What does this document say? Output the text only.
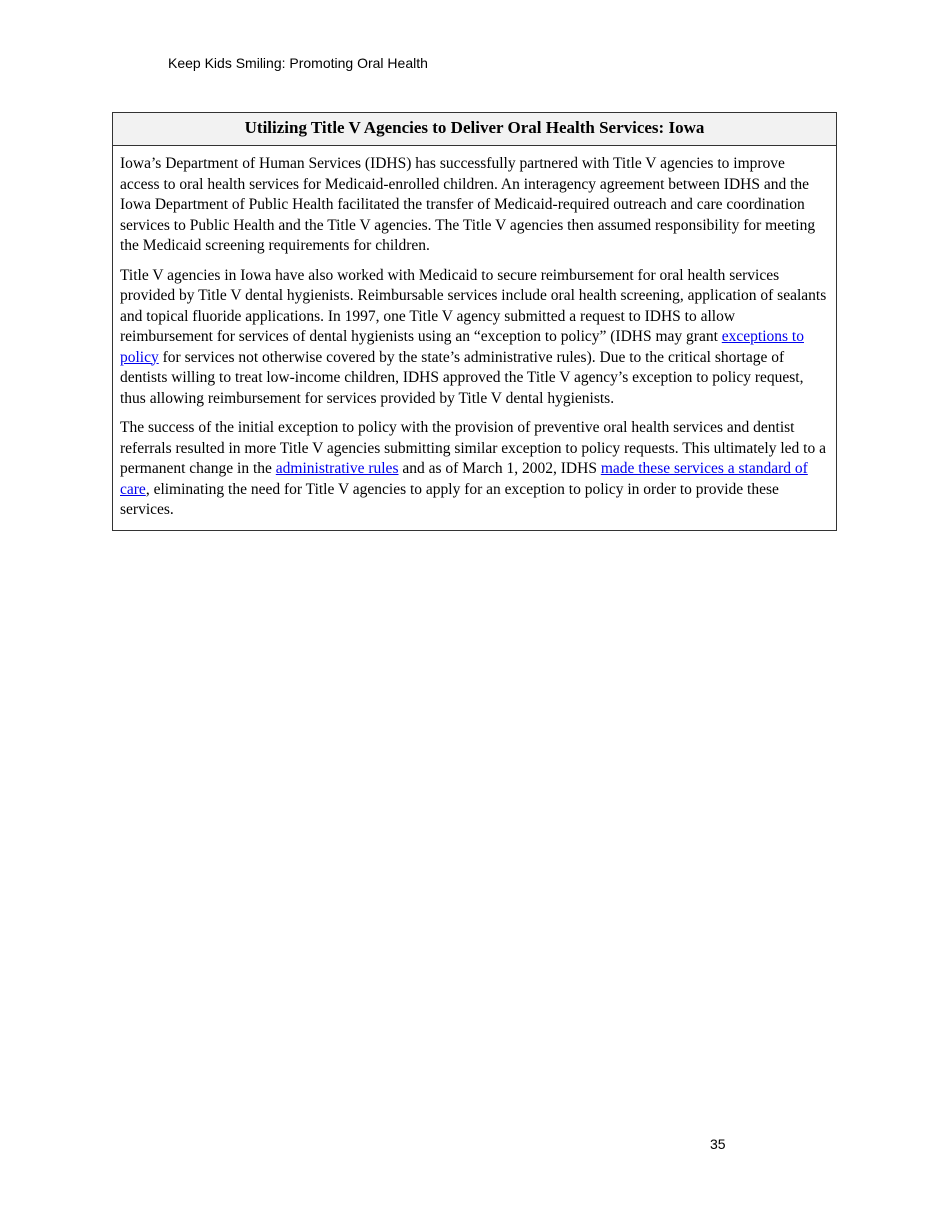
Keep Kids Smiling: Promoting Oral Health
Utilizing Title V Agencies to Deliver Oral Health Services: Iowa

Iowa’s Department of Human Services (IDHS) has successfully partnered with Title V agencies to improve access to oral health services for Medicaid-enrolled children. An interagency agreement between IDHS and the Iowa Department of Public Health facilitated the transfer of Medicaid-required outreach and care coordination services to Public Health and the Title V agencies. The Title V agencies then assumed responsibility for meeting the Medicaid screening requirements for children.

Title V agencies in Iowa have also worked with Medicaid to secure reimbursement for oral health services provided by Title V dental hygienists. Reimbursable services include oral health screening, application of sealants and topical fluoride applications. In 1997, one Title V agency submitted a request to IDHS to allow reimbursement for services of dental hygienists using an “exception to policy” (IDHS may grant exceptions to policy for services not otherwise covered by the state’s administrative rules). Due to the critical shortage of dentists willing to treat low-income children, IDHS approved the Title V agency’s exception to policy request, thus allowing reimbursement for services provided by Title V dental hygienists.

The success of the initial exception to policy with the provision of preventive oral health services and dentist referrals resulted in more Title V agencies submitting similar exception to policy requests. This ultimately led to a permanent change in the administrative rules and as of March 1, 2002, IDHS made these services a standard of care, eliminating the need for Title V agencies to apply for an exception to policy in order to provide these services.

35
